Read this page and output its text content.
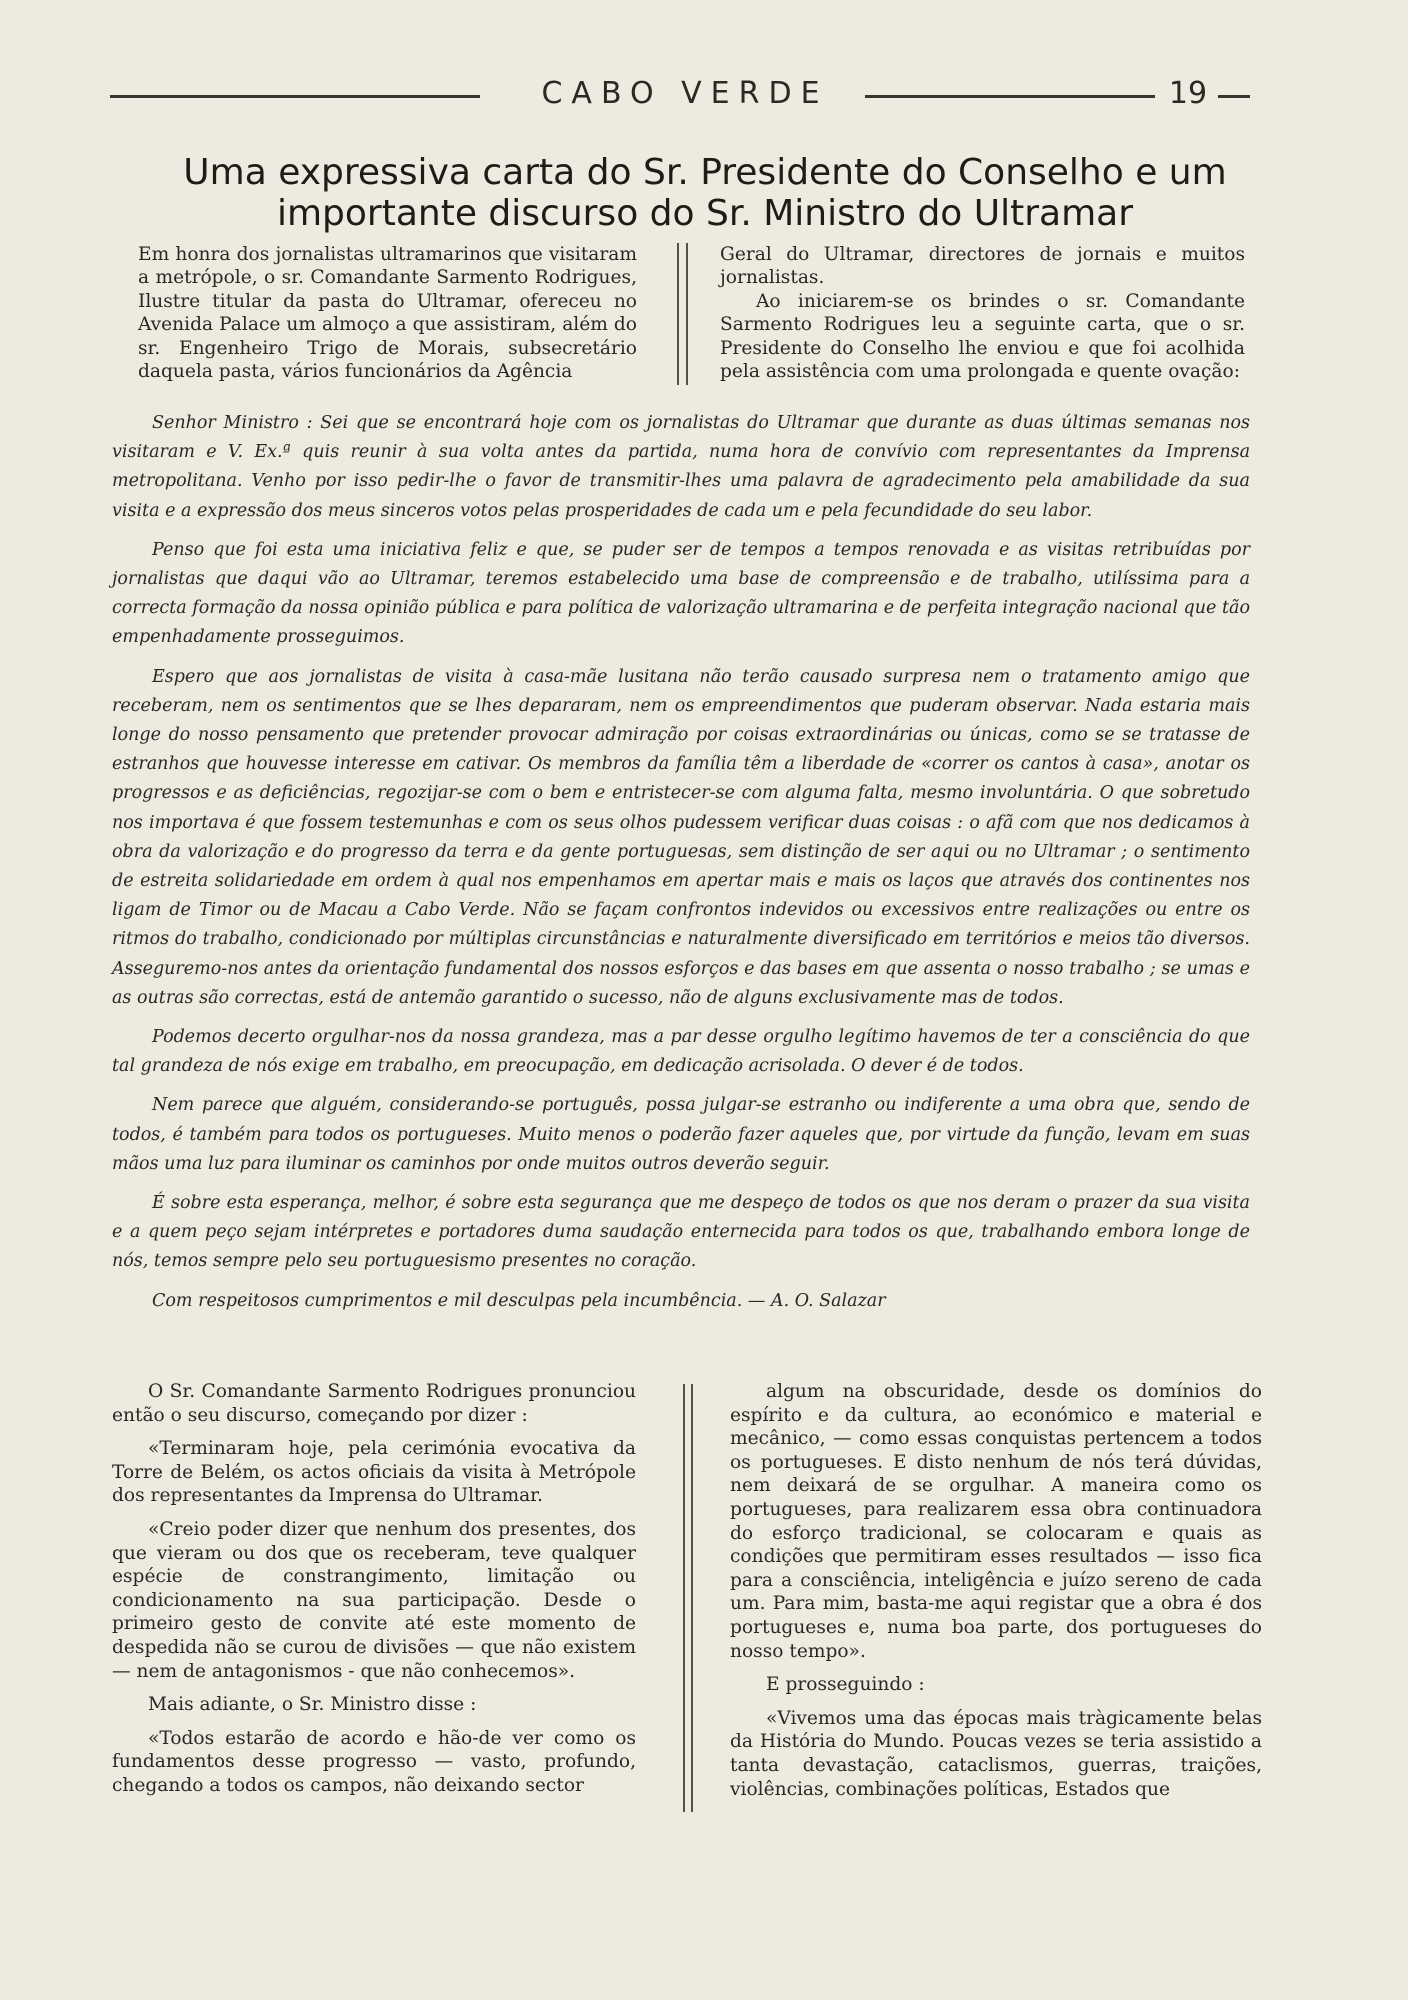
CABO VERDE	19
Uma expressiva carta do Sr. Presidente do Conselho e um
importante discurso do Sr. Ministro do Ultramar

Em honra dos jornalistas ultramarinos que visitaram a metrópole, o sr. Comandante Sarmento Rodrigues, Ilustre titular da pasta do Ultramar, ofereceu no Avenida Palace um almoço a que assistiram, além do sr. Engenheiro Trigo de Morais, subsecretário daquela pasta, vários funcionários da Agência

Geral do Ultramar, directores de jornais e muitos jornalistas.

Ao iniciarem-se os brindes o sr. Comandante Sarmento Rodrigues leu a seguinte carta, que o sr. Presidente do Conselho lhe enviou e que foi acolhida pela assistência com uma prolongada e quente ovação:

Senhor Ministro : Sei que se encontrará hoje com os jornalistas do Ultramar que durante as duas últimas semanas nos visitaram e V. Ex.ª quis reunir à sua volta antes da partida, numa hora de convívio com representantes da Imprensa metropolitana. Venho por isso pedir-lhe o favor de transmitir-lhes uma palavra de agradecimento pela amabilidade da sua visita e a expressão dos meus sinceros votos pelas prosperidades de cada um e pela fecundidade do seu labor.

Penso que foi esta uma iniciativa feliz e que, se puder ser de tempos a tempos renovada e as visitas retribuídas por jornalistas que daqui vão ao Ultramar, teremos estabelecido uma base de compreensão e de trabalho, utilíssima para a correcta formação da nossa opinião pública e para política de valorização ultramarina e de perfeita integração nacional que tão empenhadamente prosseguimos.

Espero que aos jornalistas de visita à casa-mãe lusitana não terão causado surpresa nem o tratamento amigo que receberam, nem os sentimentos que se lhes depararam, nem os empreendimentos que puderam observar. Nada estaria mais longe do nosso pensamento que pretender provocar admiração por coisas extraordinárias ou únicas, como se se tratasse de estranhos que houvesse interesse em cativar. Os membros da família têm a liberdade de «correr os cantos à casa», anotar os progressos e as deficiências, regozijar-se com o bem e entristecer-se com alguma falta, mesmo involuntária. O que sobretudo nos importava é que fossem testemunhas e com os seus olhos pudessem verificar duas coisas : o afã com que nos dedicamos à obra da valorização e do progresso da terra e da gente portuguesas, sem distinção de ser aqui ou no Ultramar ; o sentimento de estreita solidariedade em ordem à qual nos empenhamos em apertar mais e mais os laços que através dos continentes nos ligam de Timor ou de Macau a Cabo Verde. Não se façam confrontos indevidos ou excessivos entre realizações ou entre os ritmos do trabalho, condicionado por múltiplas circunstâncias e naturalmente diversificado em territórios e meios tão diversos. Asseguremo-nos antes da orientação fundamental dos nossos esforços e das bases em que assenta o nosso trabalho ; se umas e as outras são correctas, está de antemão garantido o sucesso, não de alguns exclusivamente mas de todos.

Podemos decerto orgulhar-nos da nossa grandeza, mas a par desse orgulho legítimo havemos de ter a consciência do que tal grandeza de nós exige em trabalho, em preocupação, em dedicação acrisolada. O dever é de todos.

Nem parece que alguém, considerando-se português, possa julgar-se estranho ou indiferente a uma obra que, sendo de todos, é também para todos os portugueses. Muito menos o poderão fazer aqueles que, por virtude da função, levam em suas mãos uma luz para iluminar os caminhos por onde muitos outros deverão seguir.

É sobre esta esperança, melhor, é sobre esta segurança que me despeço de todos os que nos deram o prazer da sua visita e a quem peço sejam intérpretes e portadores duma saudação enternecida para todos os que, trabalhando embora longe de nós, temos sempre pelo seu portuguesismo presentes no coração.

Com respeitosos cumprimentos e mil desculpas pela incumbência. — A. O. Salazar

O Sr. Comandante Sarmento Rodrigues pronunciou então o seu discurso, começando por dizer :

«Terminaram hoje, pela cerimónia evocativa da Torre de Belém, os actos oficiais da visita à Metrópole dos representantes da Imprensa do Ultramar.

«Creio poder dizer que nenhum dos presentes, dos que vieram ou dos que os receberam, teve qualquer espécie de constrangimento, limitação ou condicionamento na sua participação. Desde o primeiro gesto de convite até este momento de despedida não se curou de divisões — que não existem — nem de antagonismos - que não conhecemos».

Mais adiante, o Sr. Ministro disse :

«Todos estarão de acordo e hão-de ver como os fundamentos desse progresso — vasto, profundo, chegando a todos os campos, não deixando sector

algum na obscuridade, desde os domínios do espírito e da cultura, ao económico e material e mecânico, — como essas conquistas pertencem a todos os portugueses. E disto nenhum de nós terá dúvidas, nem deixará de se orgulhar. A maneira como os portugueses, para realizarem essa obra continuadora do esforço tradicional, se colocaram e quais as condições que permitiram esses resultados — isso fica para a consciência, inteligência e juízo sereno de cada um. Para mim, basta-me aqui registar que a obra é dos portugueses e, numa boa parte, dos portugueses do nosso tempo».

E prosseguindo :

«Vivemos uma das épocas mais tràgicamente belas da História do Mundo. Poucas vezes se teria assistido a tanta devastação, cataclismos, guerras, traições, violências, combinações políticas, Estados que
